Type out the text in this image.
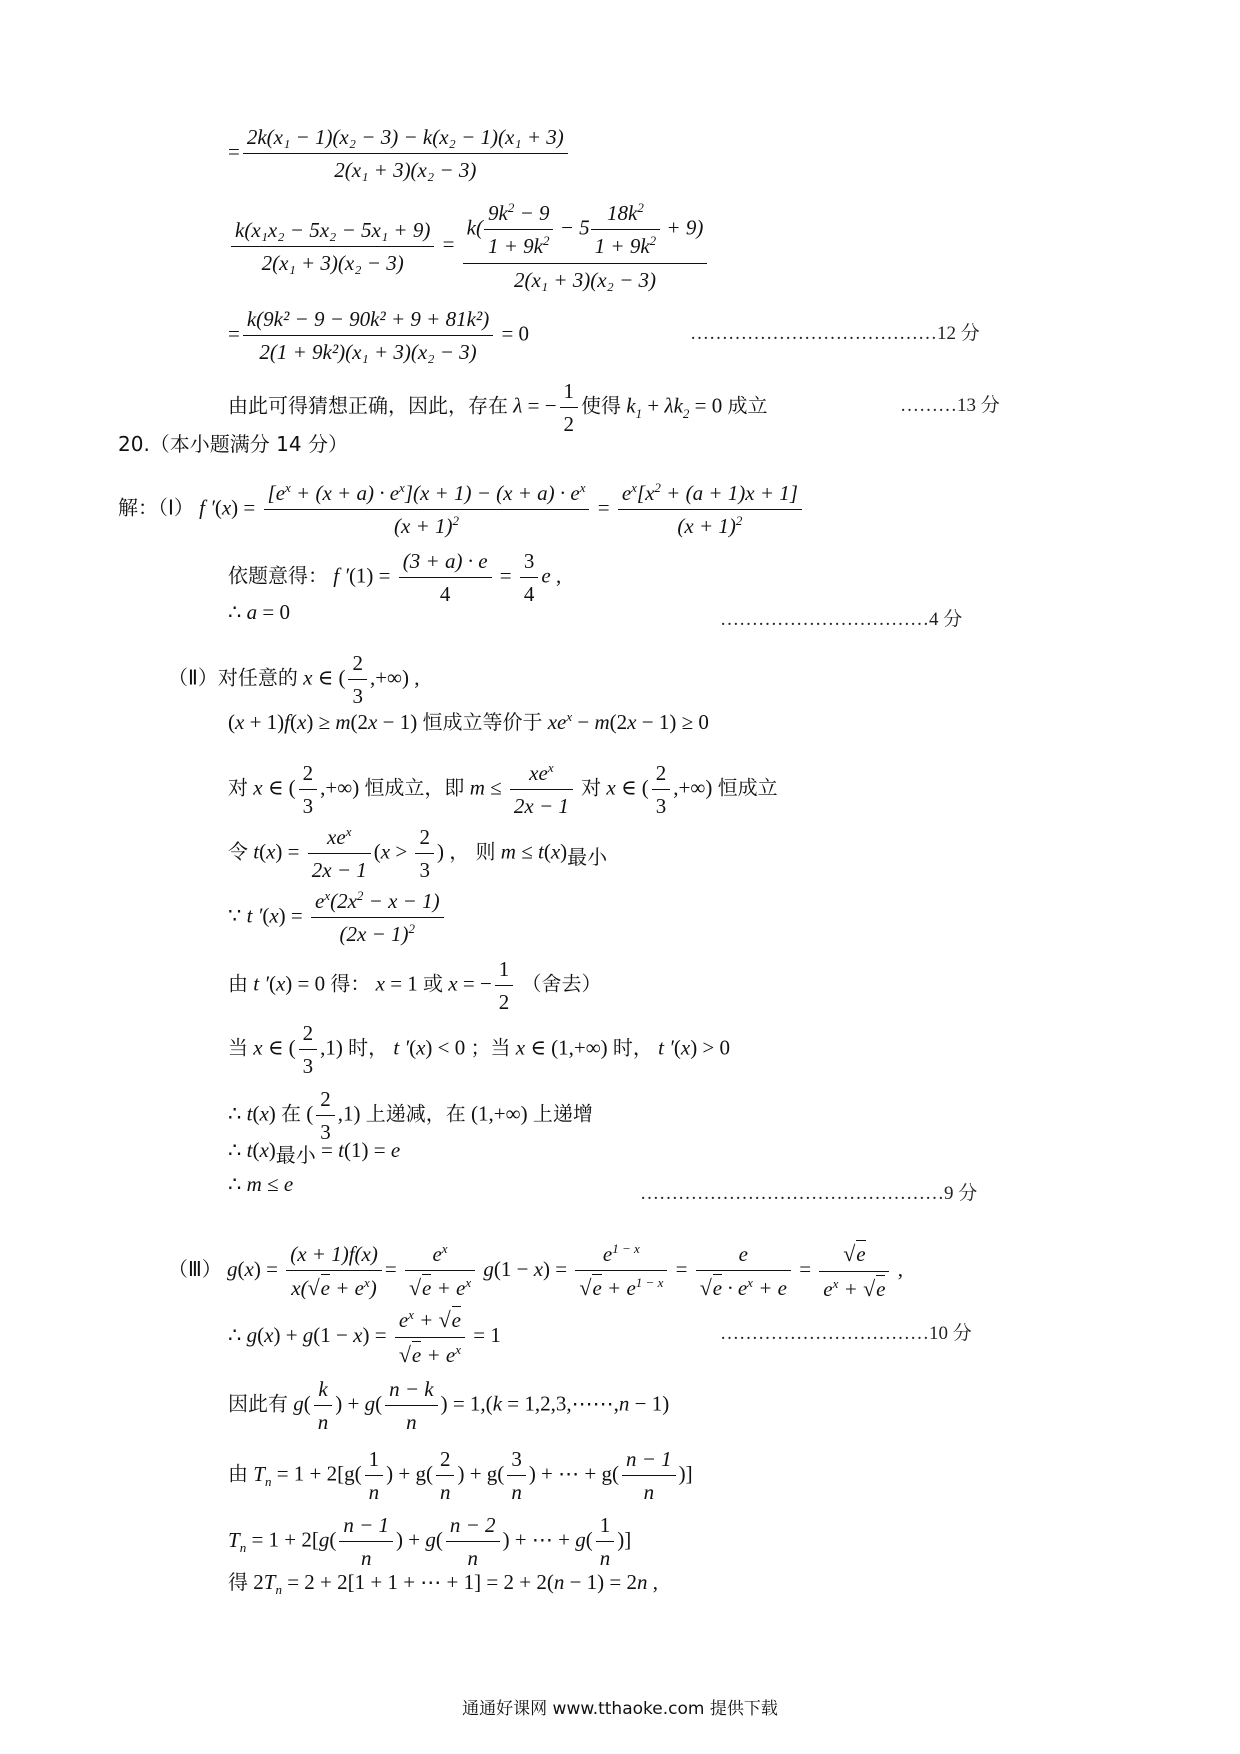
= $\frac{\text{2k(x₁ − 1)(x₂ − 3) − k(x₂ − 1)(x₁ + 3)}}{\text{2(x₁ + 3)(x₂ − 3)}}$
$\frac{\text{k(x₁x₂ − 5x₂ − 5x₁ + 9)}}{\text{2(x₁ + 3)(x₂ − 3)}} = \frac{k( \frac{9k^2 - 9}{1 + 9k^2} - 5 \frac{18k^2}{1 + 9k^2} + 9)}{\text{2(x₁ + 3)(x₂ − 3)}}$
= $\frac{\text{k(9k² − 9 − 90k² + 9 + 81k²)}}{\text{2(1 + 9k²)(x₁ + 3)(x₂ − 3)}} = 0$	…………………………………12 分
由此可得猜想正确，因此，存在 λ = − $\frac{1}{2}$ 使得 $k_1 + \lambda k_2 = 0$ 成立	………13 分
20.（本小题满分 14 分）
解：（Ⅰ） f $'(x) = \frac{[e^x + (x + a) \cdot e^x](x + 1) - (x + a) \cdot e^x}{(x + 1)^2} = \frac{e^x[x^2 + (a + 1)x + 1]}{(x + 1)^2}$
依题意得： f $'(1) = \frac{(3 + a) \cdot e}{4} = \frac{3}{4}$ e ,
∴ a = 0	……………………………4 分
（Ⅱ）对任意的 x ∈ ( $\frac{2}{3}$ ,+∞) ,
(x + 1)f(x) ≥ m(2x − 1) 恒成立等价于 $xe^x - m(2x - 1) \ge 0$
对 x ∈ ( $\frac{2}{3}$ ,+∞) 恒成立，即 $m \le \frac{xe^x}{2x - 1}$ 对 x ∈ ( $\frac{2}{3}$ ,+∞) 恒成立
令 $t(x) = \frac{xe^x}{2x - 1} (x > \frac{2}{3}$ ) ， 则 $m \le t(x)_{最小}$
∵ t $'(x) = \frac{e^x(2x^2 - x - 1)}{(2x - 1)^2}$
由 t ′(x) = 0 得： x = 1 或 x = − $\frac{1}{2}$ （舍去）
当 x ∈ ( $\frac{2}{3} ,1$) 时， t ′(x) < 0 ；当 x ∈ (1,+∞) 时， t ′(x) > 0
∴ t(x) 在 ( $\frac{2}{3} ,1$) 上递减，在 (1,+∞) 上递增
∴ $t(x)_{最小} = t(1) = e$
∴ m ≤ e	…………………………………………9 分
（Ⅲ） $g(x) = \frac{(x + 1)f(x)}{x(√e + e^x)} = \frac{e^x}{√e + e^x} g(1 - x) = \frac{e^{1 - x}}{√e + e^{1 - x}} = \frac{e}{√e \cdot e^x + e} = \frac{√e}{e^x + √e}$ ,
∴ $g(x) + g(1 - x) = \frac{e^x + √e}{√e + e^x} = 1$	……………………………10 分
因此有 $g( \frac{k}{n}$ ) + $g( \frac{n - k}{n}$ ) = 1,(k = 1,2,3,⋯⋯,n − 1)
由 $T_n = 1 + 2[g( \frac{1}{n}$ ) + $g( \frac{2}{n}$ ) + $g( \frac{3}{n}$ ) + ⋯ + $g( \frac{n - 1}{n}$ )]
$T_n = 1 + 2[g( \frac{n - 1}{n}$ ) + $g( \frac{n - 2}{n}$ ) + ⋯ + $g( \frac{1}{n}$ )]
得 $2T_n = 2 + 2[1 + 1$ + ⋯ + 1] = 2 + 2(n − 1) = 2n ,
通通好课网 www.tthaoke.com 提供下载
